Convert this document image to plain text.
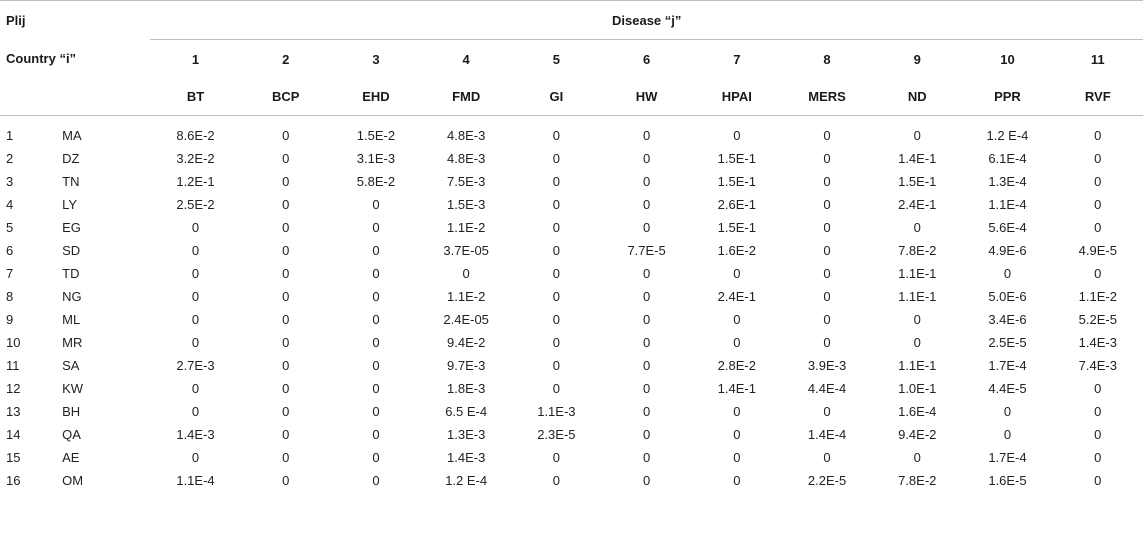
Plij		Disease “j”										
Country “i”		1	2	3	4	5	6	7	8	9	10	11
		BT	BCP	EHD	FMD	GI	HW	HPAI	MERS	ND	PPR	RVF

1	MA	8.6E-2	0	1.5E-2	4.8E-3	0	0	0	0	0	1.2 E-4	0
2	DZ	3.2E-2	0	3.1E-3	4.8E-3	0	0	1.5E-1	0	1.4E-1	6.1E-4	0
3	TN	1.2E-1	0	5.8E-2	7.5E-3	0	0	1.5E-1	0	1.5E-1	1.3E-4	0
4	LY	2.5E-2	0	0	1.5E-3	0	0	2.6E-1	0	2.4E-1	1.1E-4	0
5	EG	0	0	0	1.1E-2	0	0	1.5E-1	0	0	5.6E-4	0
6	SD	0	0	0	3.7E-05	0	7.7E-5	1.6E-2	0	7.8E-2	4.9E-6	4.9E-5
7	TD	0	0	0	0	0	0	0	0	1.1E-1	0	0
8	NG	0	0	0	1.1E-2	0	0	2.4E-1	0	1.1E-1	5.0E-6	1.1E-2
9	ML	0	0	0	2.4E-05	0	0	0	0	0	3.4E-6	5.2E-5
10	MR	0	0	0	9.4E-2	0	0	0	0	0	2.5E-5	1.4E-3
11	SA	2.7E-3	0	0	9.7E-3	0	0	2.8E-2	3.9E-3	1.1E-1	1.7E-4	7.4E-3
12	KW	0	0	0	1.8E-3	0	0	1.4E-1	4.4E-4	1.0E-1	4.4E-5	0
13	BH	0	0	0	6.5 E-4	1.1E-3	0	0	0	1.6E-4	0	0
14	QA	1.4E-3	0	0	1.3E-3	2.3E-5	0	0	1.4E-4	9.4E-2	0	0
15	AE	0	0	0	1.4E-3	0	0	0	0	0	1.7E-4	0
16	OM	1.1E-4	0	0	1.2 E-4	0	0	0	2.2E-5	7.8E-2	1.6E-5	0
